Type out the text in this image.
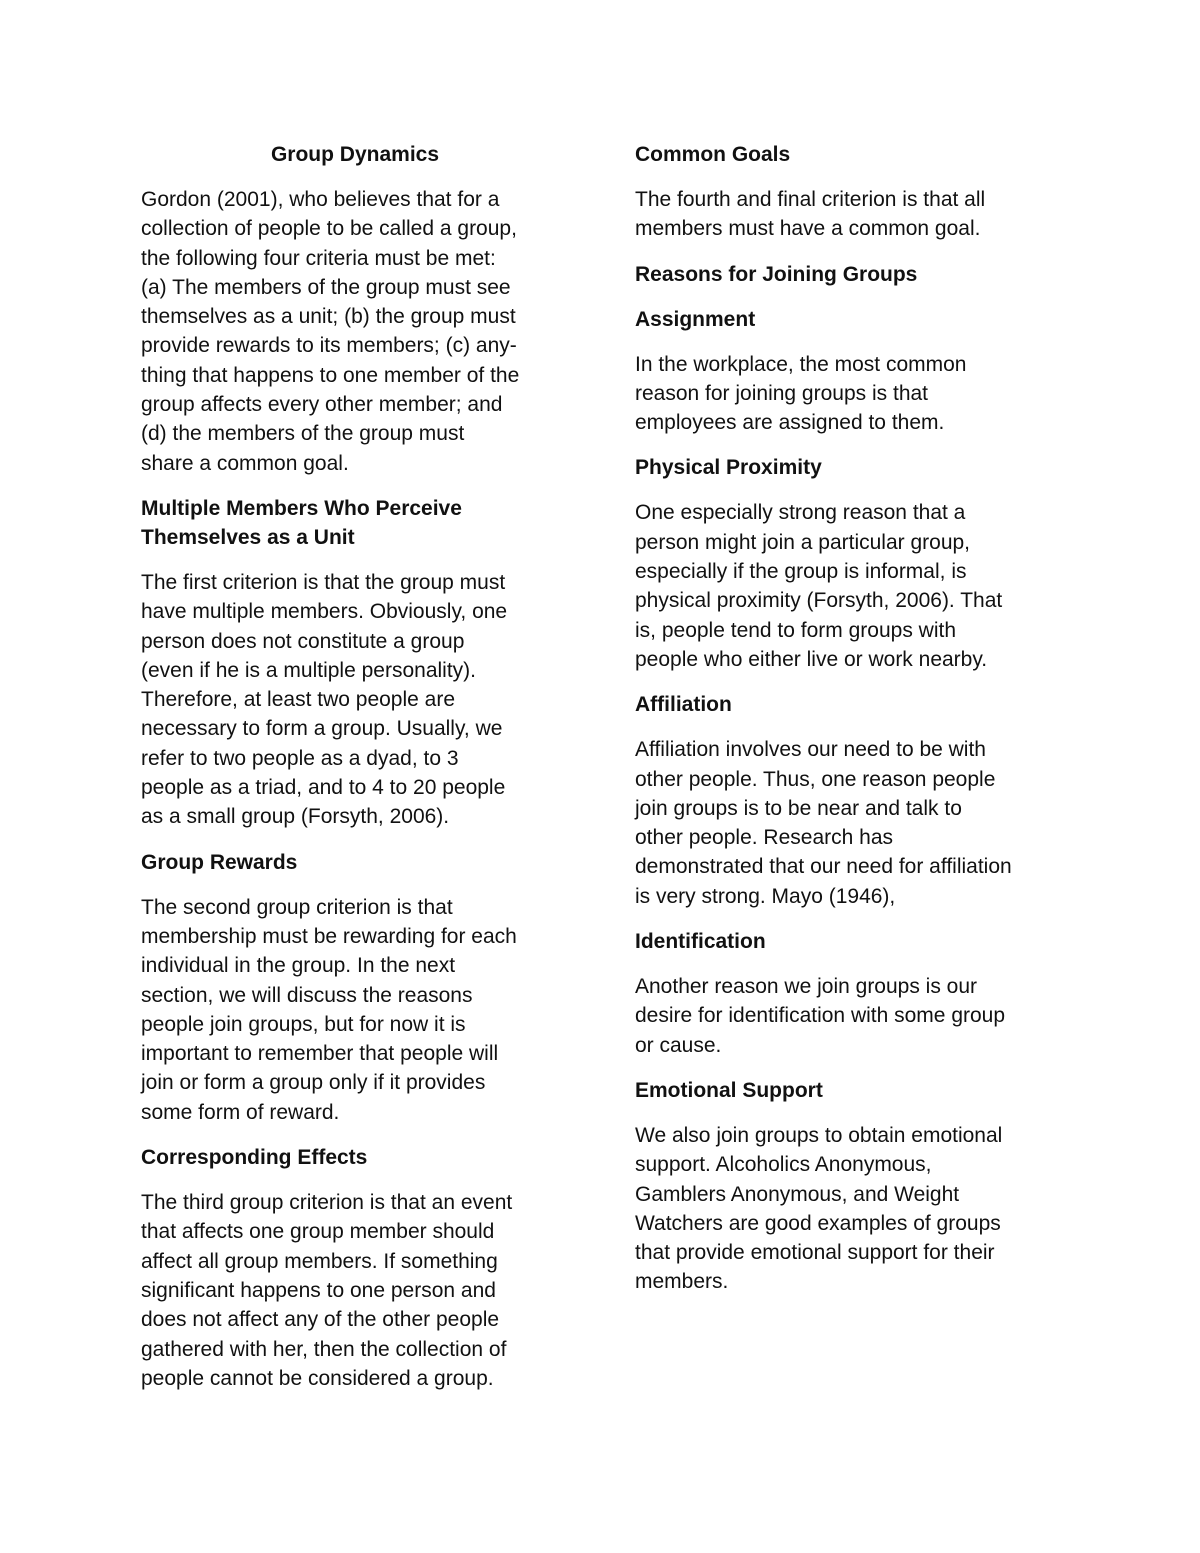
Group Dynamics
Gordon (2001), who believes that for a
collection of people to be called a group,
the following four criteria must be met:
(a) The members of the group must see
themselves as a unit; (b) the group must
provide rewards to its members; (c) any-
thing that happens to one member of the
group affects every other member; and
(d) the members of the group must
share a common goal.
Multiple Members Who Perceive
Themselves as a Unit
The first criterion is that the group must
have multiple members. Obviously, one
person does not constitute a group
(even if he is a multiple personality).
Therefore, at least two people are
necessary to form a group. Usually, we
refer to two people as a dyad, to 3
people as a triad, and to 4 to 20 people
as a small group (Forsyth, 2006).
Group Rewards
The second group criterion is that
membership must be rewarding for each
individual in the group. In the next
section, we will discuss the reasons
people join groups, but for now it is
important to remember that people will
join or form a group only if it provides
some form of reward.
Corresponding Effects
The third group criterion is that an event
that affects one group member should
affect all group members. If something
significant happens to one person and
does not affect any of the other people
gathered with her, then the collection of
people cannot be considered a group.
Common Goals
The fourth and final criterion is that all
members must have a common goal.
Reasons for Joining Groups
Assignment
In the workplace, the most common
reason for joining groups is that
employees are assigned to them.
Physical Proximity
One especially strong reason that a
person might join a particular group,
especially if the group is informal, is
physical proximity (Forsyth, 2006). That
is, people tend to form groups with
people who either live or work nearby.
Affiliation
Affiliation involves our need to be with
other people. Thus, one reason people
join groups is to be near and talk to
other people. Research has
demonstrated that our need for affiliation
is very strong. Mayo (1946),
Identification
Another reason we join groups is our
desire for identification with some group
or cause.
Emotional Support
We also join groups to obtain emotional
support. Alcoholics Anonymous,
Gamblers Anonymous, and Weight
Watchers are good examples of groups
that provide emotional support for their
members.
